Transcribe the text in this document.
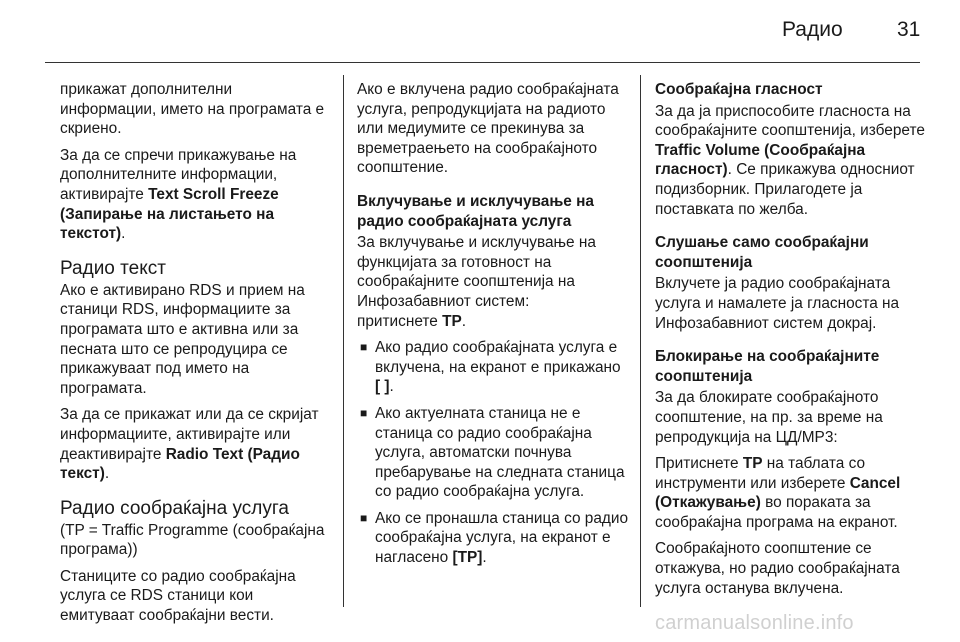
Радио	31

прикажат дополнителни информации, името на програмата е скриено.

За да се спречи прикажување на дополнителните информации, активирајте Text Scroll Freeze (Запирање на листањето на текстот).

Радио текст

Ако е активирано RDS и прием на станици RDS, информациите за програмата што е активна или за песната што се репродуцира се прикажуваат под името на програмата.

За да се прикажат или да се скријат информациите, активирајте или деактивирајте Radio Text (Радио текст).

Радио сообраќајна услуга

(TP = Traffic Programme (сообраќајна програма))

Станиците со радио сообраќајна услуга се RDS станици кои емитуваат сообраќајни вести.

Ако е вклучена радио сообраќајната услуга, репродукцијата на радиото или медиумите се прекинува за времетраењето на сообраќајното соопштение.

Вклучување и исклучување на радио сообраќајната услуга

За вклучување и исклучување на функцијата за готовност на сообраќајните соопштенија на Инфозабавниот систем:

притиснете TP.

■ Ако радио сообраќајната услуга е вклучена, на екранот е прикажано [ ].
■ Ако актуелната станица не е станица со радио сообраќајна услуга, автоматски почнува пребарување на следната станица со радио сообраќајна услуга.
■ Ако се пронашла станица со радио сообраќајна услуга, на екранот е нагласено [TP].
Сообраќајна гласност

За да ја приспособите гласноста на сообраќајните соопштенија, изберете Traffic Volume (Сообраќајна гласност). Се прикажува односниот подизборник. Прилагодете ја поставката по желба.

Слушање само сообраќајни соопштенија

Вклучете ја радио сообраќајната услуга и намалете ја гласноста на Инфозабавниот систем докрај.

Блокирање на сообраќајните соопштенија

За да блокирате сообраќајното соопштение, на пр. за време на репродукција на ЦД/MP3:

Притиснете TP на таблата со инструменти или изберете Cancel (Откажување) во пораката за сообраќајна програма на екранот.

Сообраќајното соопштение се откажува, но радио сообраќајната услуга останува вклучена.

carmanualsonline.info
